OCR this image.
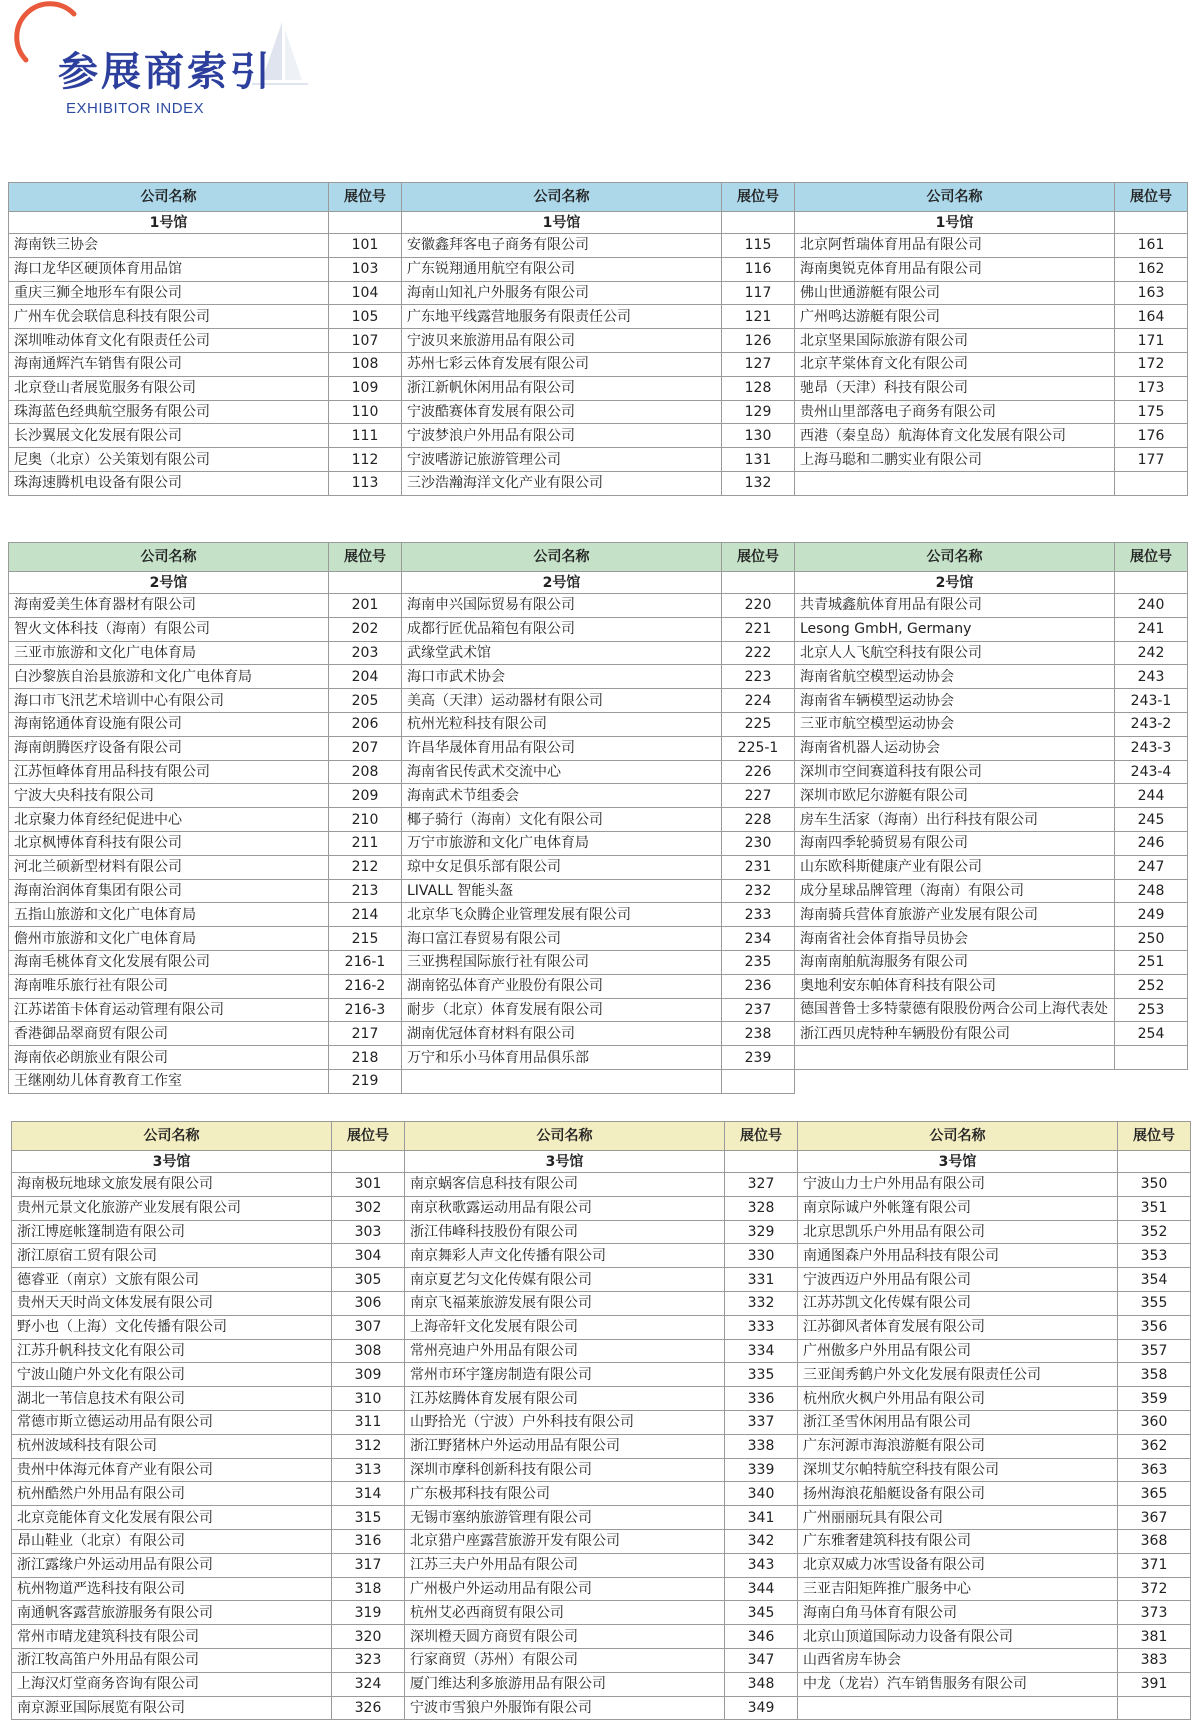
参展商索引
EXHIBITOR INDEX
公司名称	展位号
1号馆	
海南铁三协会	101
海口龙华区硬顶体育用品馆	103
重庆三狮全地形车有限公司	104
广州车优会联信息科技有限公司	105
深圳唯动体育文化有限责任公司	107
海南通辉汽车销售有限公司	108
北京登山者展览服务有限公司	109
珠海蓝色经典航空服务有限公司	110
长沙翼展文化发展有限公司	111
尼奥（北京）公关策划有限公司	112
珠海速腾机电设备有限公司	113
公司名称	展位号
1号馆	
安徽鑫拜客电子商务有限公司	115
广东锐翔通用航空有限公司	116
海南山知礼户外服务有限公司	117
广东地平线露营地服务有限责任公司	121
宁波贝来旅游用品有限公司	126
苏州七彩云体育发展有限公司	127
浙江新帆休闲用品有限公司	128
宁波酷赛体育发展有限公司	129
宁波梦浪户外用品有限公司	130
宁波嗜游记旅游管理公司	131
三沙浩瀚海洋文化产业有限公司	132
公司名称	展位号
1号馆	
北京阿哲瑞体育用品有限公司	161
海南奥锐克体育用品有限公司	162
佛山世通游艇有限公司	163
广州鸣达游艇有限公司	164
北京坚果国际旅游有限公司	171
北京芊棠体育文化有限公司	172
驰昂（天津）科技有限公司	173
贵州山里部落电子商务有限公司	175
西港（秦皇岛）航海体育文化发展有限公司	176
上海马聪和二鹏实业有限公司	177

公司名称	展位号
2号馆	
海南爱美生体育器材有限公司	201
智火文体科技（海南）有限公司	202
三亚市旅游和文化广电体育局	203
白沙黎族自治县旅游和文化广电体育局	204
海口市飞汛艺术培训中心有限公司	205
海南铭通体育设施有限公司	206
海南朗腾医疗设备有限公司	207
江苏恒峰体育用品科技有限公司	208
宁波大央科技有限公司	209
北京聚力体育经纪促进中心	210
北京枫博体育科技有限公司	211
河北兰硕新型材料有限公司	212
海南治润体育集团有限公司	213
五指山旅游和文化广电体育局	214
儋州市旅游和文化广电体育局	215
海南毛桃体育文化发展有限公司	216-1
海南唯乐旅行社有限公司	216-2
江苏诺笛卡体育运动管理有限公司	216-3
香港御品翠商贸有限公司	217
海南依必朗旅业有限公司	218
王继刚幼儿体育教育工作室	219
公司名称	展位号
2号馆	
海南申兴国际贸易有限公司	220
成都行匠优品箱包有限公司	221
武缘堂武术馆	222
海口市武术协会	223
美高（天津）运动器材有限公司	224
杭州光粒科技有限公司	225
许昌华晟体育用品有限公司	225-1
海南省民传武术交流中心	226
海南武术节组委会	227
椰子骑行（海南）文化有限公司	228
万宁市旅游和文化广电体育局	230
琼中女足俱乐部有限公司	231
LIVALL 智能头盔	232
北京华飞众腾企业管理发展有限公司	233
海口富江春贸易有限公司	234
三亚携程国际旅行社有限公司	235
湖南铭弘体育产业股份有限公司	236
耐步（北京）体育发展有限公司	237
湖南优冠体育材料有限公司	238
万宁和乐小马体育用品俱乐部	239

公司名称	展位号
2号馆	
共青城鑫航体育用品有限公司	240
Lesong GmbH, Germany	241
北京人人飞航空科技有限公司	242
海南省航空模型运动协会	243
海南省车辆模型运动协会	243-1
三亚市航空模型运动协会	243-2
海南省机器人运动协会	243-3
深圳市空间赛道科技有限公司	243-4
深圳市欧尼尔游艇有限公司	244
房车生活家（海南）出行科技有限公司	245
海南四季轮骑贸易有限公司	246
山东欧科斯健康产业有限公司	247
成分星球品牌管理（海南）有限公司	248
海南骑兵营体育旅游产业发展有限公司	249
海南省社会体育指导员协会	250
海南南舶航海服务有限公司	251
奥地利安东帕体育科技有限公司	252
德国普鲁士多特蒙德有限股份两合公司上海代表处	253
浙江西贝虎特种车辆股份有限公司	254

公司名称	展位号
3号馆	
海南极玩地球文旅发展有限公司	301
贵州元景文化旅游产业发展有限公司	302
浙江博庭帐篷制造有限公司	303
浙江原宿工贸有限公司	304
德睿亚（南京）文旅有限公司	305
贵州天天时尚文体发展有限公司	306
野小也（上海）文化传播有限公司	307
江苏升帆科技文化有限公司	308
宁波山随户外文化有限公司	309
湖北一苇信息技术有限公司	310
常德市斯立德运动用品有限公司	311
杭州波域科技有限公司	312
贵州中体海元体育产业有限公司	313
杭州酷然户外用品有限公司	314
北京竞能体育文化发展有限公司	315
昂山鞋业（北京）有限公司	316
浙江露缘户外运动用品有限公司	317
杭州物道严选科技有限公司	318
南通帆客露营旅游服务有限公司	319
常州市晴龙建筑科技有限公司	320
浙江牧高笛户外用品有限公司	323
上海汉灯堂商务咨询有限公司	324
南京源亚国际展览有限公司	326
公司名称	展位号
3号馆	
南京蜗客信息科技有限公司	327
南京秋歌露运动用品有限公司	328
浙江伟峰科技股份有限公司	329
南京舞彩人声文化传播有限公司	330
南京夏艺匀文化传媒有限公司	331
南京飞福莱旅游发展有限公司	332
上海帝轩文化发展有限公司	333
常州亮迪户外用品有限公司	334
常州市环宇篷房制造有限公司	335
江苏炫腾体育发展有限公司	336
山野拾光（宁波）户外科技有限公司	337
浙江野猪林户外运动用品有限公司	338
深圳市摩科创新科技有限公司	339
广东极邦科技有限公司	340
无锡市塞纳旅游管理有限公司	341
北京猎户座露营旅游开发有限公司	342
江苏三夫户外用品有限公司	343
广州极户外运动用品有限公司	344
杭州艾必西商贸有限公司	345
深圳橙天圆方商贸有限公司	346
行家商贸（苏州）有限公司	347
厦门维达利多旅游用品有限公司	348
宁波市雪狼户外服饰有限公司	349
公司名称	展位号
3号馆	
宁波山力士户外用品有限公司	350
南京际诚户外帐篷有限公司	351
北京思凯乐户外用品有限公司	352
南通图森户外用品科技有限公司	353
宁波西迈户外用品有限公司	354
江苏苏凯文化传媒有限公司	355
江苏御风者体育发展有限公司	356
广州傲多户外用品有限公司	357
三亚闺秀鹤户外文化发展有限责任公司	358
杭州欣火枫户外用品有限公司	359
浙江圣雪休闲用品有限公司	360
广东河源市海浪游艇有限公司	362
深圳艾尔帕特航空科技有限公司	363
扬州海浪花船艇设备有限公司	365
广州丽丽玩具有限公司	367
广东雅奢建筑科技有限公司	368
北京双威力冰雪设备有限公司	371
三亚吉阳矩阵推广服务中心	372
海南白角马体育有限公司	373
北京山顶道国际动力设备有限公司	381
山西省房车协会	383
中龙（龙岩）汽车销售服务有限公司	391
